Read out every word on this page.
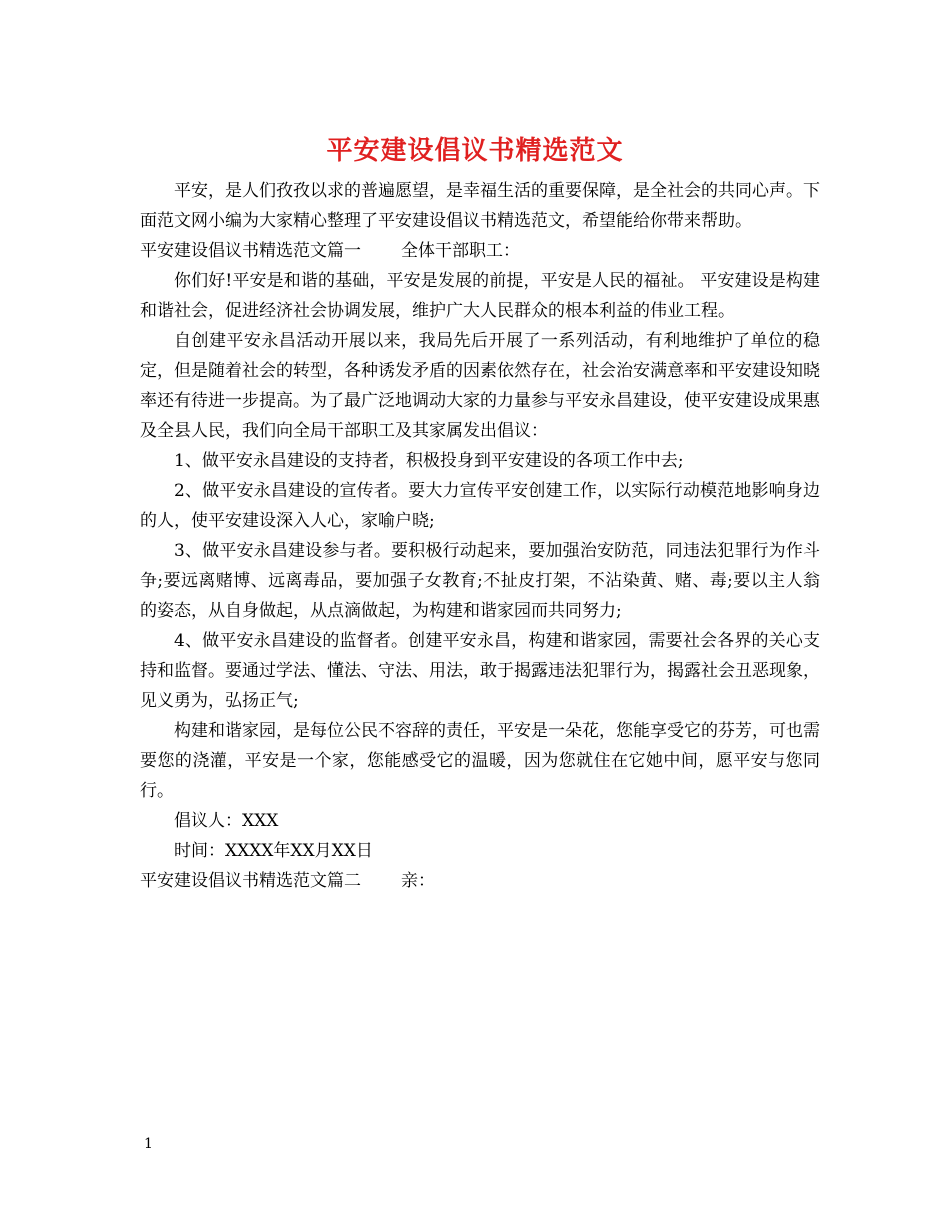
平安建设倡议书精选范文

平安，是人们孜孜以求的普遍愿望，是幸福生活的重要保障，是全社会的共同心声。下面范文网小编为大家精心整理了平安建设倡议书精选范文，希望能给你带来帮助。

平安建设倡议书精选范文篇一 全体干部职工：

你们好!平安是和谐的基础，平安是发展的前提，平安是人民的福祉。 平安建设是构建和谐社会，促进经济社会协调发展，维护广大人民群众的根本利益的伟业工程。

自创建平安永昌活动开展以来，我局先后开展了一系列活动，有利地维护了单位的稳定，但是随着社会的转型，各种诱发矛盾的因素依然存在，社会治安满意率和平安建设知晓率还有待进一步提高。为了最广泛地调动大家的力量参与平安永昌建设，使平安建设成果惠及全县人民，我们向全局干部职工及其家属发出倡议：

1、做平安永昌建设的支持者，积极投身到平安建设的各项工作中去;

2、做平安永昌建设的宣传者。要大力宣传平安创建工作，以实际行动模范地影响身边的人，使平安建设深入人心，家喻户晓;

3、做平安永昌建设参与者。要积极行动起来，要加强治安防范，同违法犯罪行为作斗争;要远离赌博、远离毒品，要加强子女教育;不扯皮打架，不沾染黄、赌、毒;要以主人翁的姿态，从自身做起，从点滴做起，为构建和谐家园而共同努力;

4、做平安永昌建设的监督者。创建平安永昌，构建和谐家园，需要社会各界的关心支持和监督。要通过学法、懂法、守法、用法，敢于揭露违法犯罪行为，揭露社会丑恶现象，见义勇为，弘扬正气;

构建和谐家园，是每位公民不容辞的责任，平安是一朵花，您能享受它的芬芳，可也需要您的浇灌，平安是一个家，您能感受它的温暖，因为您就住在它她中间，愿平安与您同行。

倡议人：XXX

时间：XXXX年XX月XX日

平安建设倡议书精选范文篇二 亲：

1
